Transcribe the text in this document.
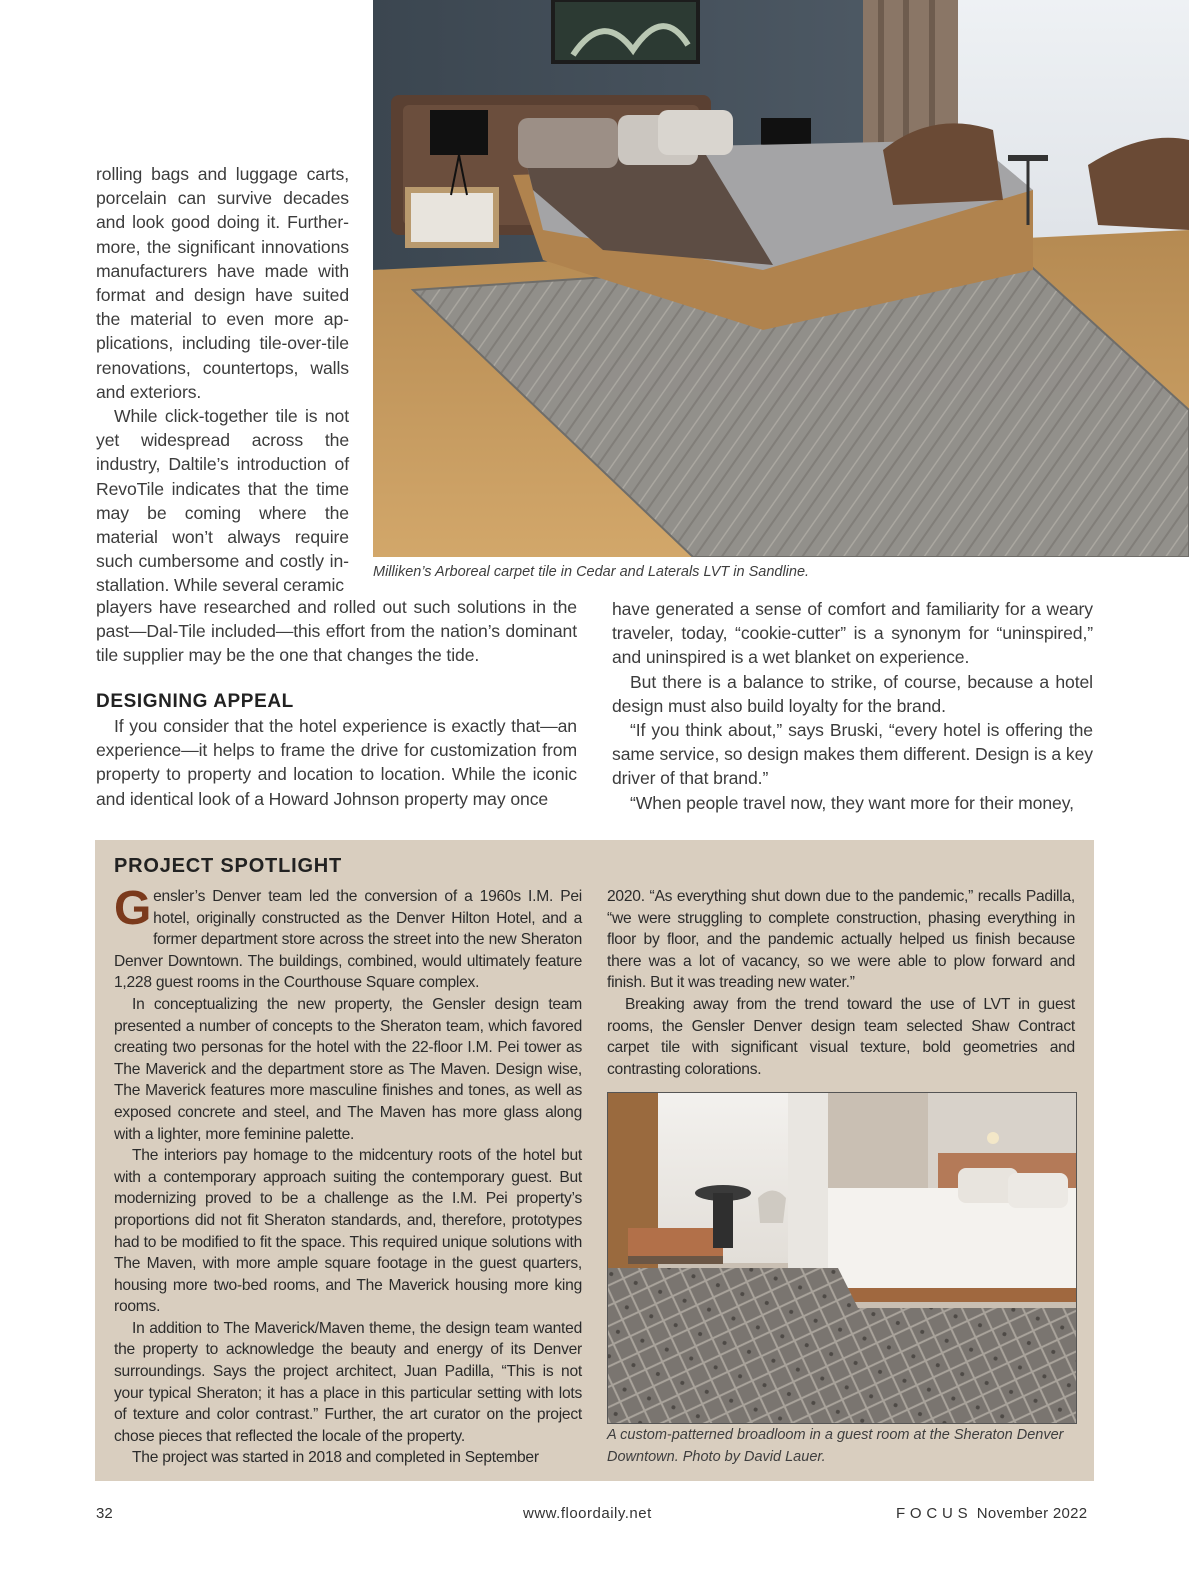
Milliken’s Arboreal carpet tile in Cedar and Laterals LVT in Sandline.

rolling bags and luggage carts, porcelain can survive decades and look good doing it. Furthermore, the significant innovations manufacturers have made with format and design have suited the material to even more applications, including tile-over-tile renovations, countertops, walls and exteriors.

While click-together tile is not yet widespread across the industry, Daltile’s introduction of RevoTile indicates that the time may be coming where the material won’t always require such cumbersome and costly installation. While several ceramic

players have researched and rolled out such solutions in the past—Dal-Tile included—this effort from the nation’s dominant tile supplier may be the one that changes the tide.

DESIGNING APPEAL

If you consider that the hotel experience is exactly that—an experience—it helps to frame the drive for customization from property to property and location to location. While the iconic and identical look of a Howard Johnson property may once

have generated a sense of comfort and familiarity for a weary traveler, today, “cookie-cutter” is a synonym for “uninspired,” and uninspired is a wet blanket on experience.

But there is a balance to strike, of course, because a hotel design must also build loyalty for the brand.

“If you think about,” says Bruski, “every hotel is offering the same service, so design makes them different. Design is a key driver of that brand.”

“When people travel now, they want more for their money,

PROJECT SPOTLIGHT

Gensler’s Denver team led the conversion of a 1960s I.M. Pei hotel, originally constructed as the Denver Hilton Hotel, and a former department store across the street into the new Sheraton Denver Downtown. The buildings, combined, would ultimately feature 1,228 guest rooms in the Courthouse Square complex.

In conceptualizing the new property, the Gensler design team presented a number of concepts to the Sheraton team, which favored creating two personas for the hotel with the 22-floor I.M. Pei tower as The Maverick and the department store as The Maven. Design wise, The Maverick features more masculine finishes and tones, as well as exposed concrete and steel, and The Maven has more glass along with a lighter, more feminine palette.

The interiors pay homage to the midcentury roots of the hotel but with a contemporary approach suiting the contemporary guest. But modernizing proved to be a challenge as the I.M. Pei property’s proportions did not fit Sheraton standards, and, therefore, prototypes had to be modified to fit the space. This required unique solutions with The Maven, with more ample square footage in the guest quarters, housing more two-bed rooms, and The Maverick housing more king rooms.

In addition to The Maverick/Maven theme, the design team wanted the property to acknowledge the beauty and energy of its Denver surroundings. Says the project architect, Juan Padilla, “This is not your typical Sheraton; it has a place in this particular setting with lots of texture and color contrast.” Further, the art curator on the project chose pieces that reflected the locale of the property.

The project was started in 2018 and completed in September

2020. “As everything shut down due to the pandemic,” recalls Padilla, “we were struggling to complete construction, phasing everything in floor by floor, and the pandemic actually helped us finish because there was a lot of vacancy, so we were able to plow forward and finish. But it was treading new water.”

Breaking away from the trend toward the use of LVT in guest rooms, the Gensler Denver design team selected Shaw Contract carpet tile with significant visual texture, bold geometries and contrasting colorations.

A custom-patterned broadloom in a guest room at the Sheraton Denver Downtown. Photo by David Lauer.
32	www.floordaily.net	F O C U S  November 2022
